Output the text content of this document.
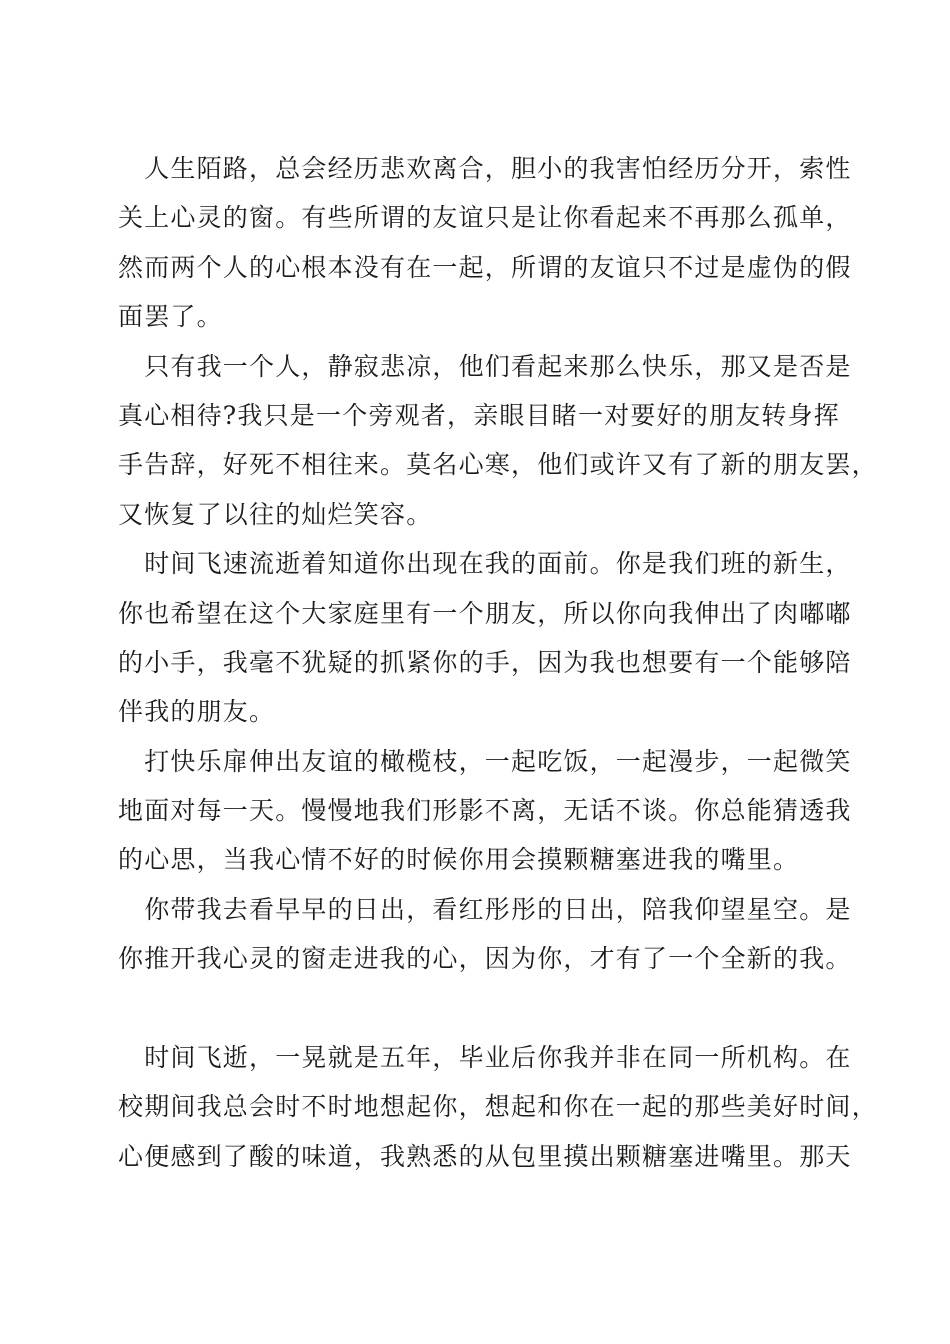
　人生陌路，总会经历悲欢离合，胆小的我害怕经历分开，索性
关上心灵的窗。有些所谓的友谊只是让你看起来不再那么孤单，
然而两个人的心根本没有在一起，所谓的友谊只不过是虚伪的假
面罢了。
　只有我一个人，静寂悲凉，他们看起来那么快乐，那又是否是
真心相待?我只是一个旁观者，亲眼目睹一对要好的朋友转身挥
手告辞，好死不相往来。莫名心寒，他们或许又有了新的朋友罢，
又恢复了以往的灿烂笑容。
　时间飞速流逝着知道你出现在我的面前。你是我们班的新生，
你也希望在这个大家庭里有一个朋友，所以你向我伸出了肉嘟嘟
的小手，我毫不犹疑的抓紧你的手，因为我也想要有一个能够陪
伴我的朋友。
　打快乐扉伸出友谊的橄榄枝，一起吃饭，一起漫步，一起微笑
地面对每一天。慢慢地我们形影不离，无话不谈。你总能猜透我
的心思，当我心情不好的时候你用会摸颗糖塞进我的嘴里。
　你带我去看早早的日出，看红彤彤的日出，陪我仰望星空。是
你推开我心灵的窗走进我的心，因为你，才有了一个全新的我。
　时间飞逝，一晃就是五年，毕业后你我并非在同一所机构。在
校期间我总会时不时地想起你，想起和你在一起的那些美好时间，
心便感到了酸的味道，我熟悉的从包里摸出颗糖塞进嘴里。那天
